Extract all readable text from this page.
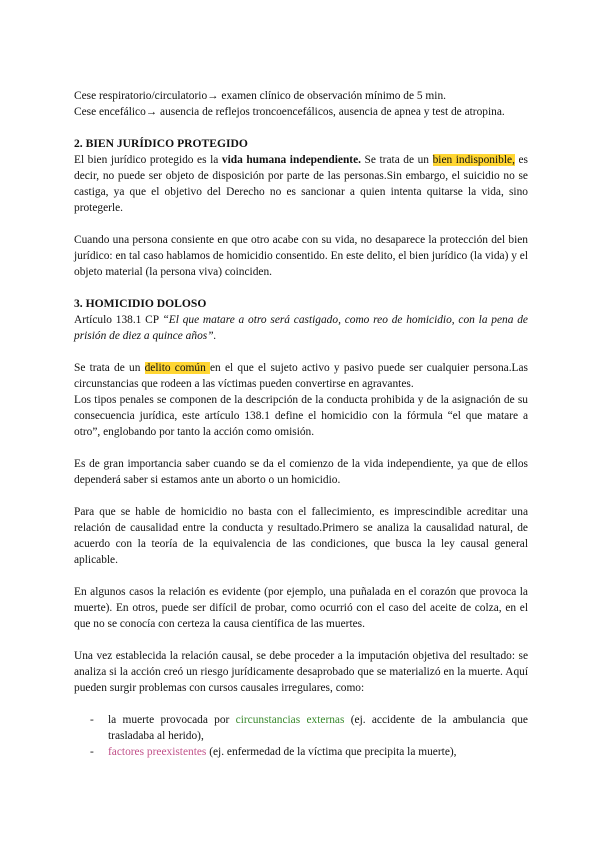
Cese respiratorio/circulatorio→ examen clínico de observación mínimo de 5 min.

Cese encefálico→ ausencia de reflejos troncoencefálicos, ausencia de apnea y test de atropina.

2. BIEN JURÍDICO PROTEGIDO

El bien jurídico protegido es la vida humana independiente. Se trata de un bien indisponible, es decir, no puede ser objeto de disposición por parte de las personas.Sin embargo, el suicidio no se castiga, ya que el objetivo del Derecho no es sancionar a quien intenta quitarse la vida, sino protegerle.

Cuando una persona consiente en que otro acabe con su vida, no desaparece la protección del bien jurídico: en tal caso hablamos de homicidio consentido. En este delito, el bien jurídico (la vida) y el objeto material (la persona viva) coinciden.

3. HOMICIDIO DOLOSO

Artículo 138.1 CP “El que matare a otro será castigado, como reo de homicidio, con la pena de prisión de diez a quince años”.

Se trata de un delito común en el que el sujeto activo y pasivo puede ser cualquier persona.Las circunstancias que rodeen a las víctimas pueden convertirse en agravantes.

Los tipos penales se componen de la descripción de la conducta prohibida y de la asignación de su consecuencia jurídica, este artículo 138.1 define el homicidio con la fórmula “el que matare a otro”, englobando por tanto la acción como omisión.

Es de gran importancia saber cuando se da el comienzo de la vida independiente, ya que de ellos dependerá saber si estamos ante un aborto o un homicidio.

Para que se hable de homicidio no basta con el fallecimiento, es imprescindible acreditar una relación de causalidad entre la conducta y resultado.Primero se analiza la causalidad natural, de acuerdo con la teoría de la equivalencia de las condiciones, que busca la ley causal general aplicable.

En algunos casos la relación es evidente (por ejemplo, una puñalada en el corazón que provoca la muerte). En otros, puede ser difícil de probar, como ocurrió con el caso del aceite de colza, en el que no se conocía con certeza la causa científica de las muertes.

Una vez establecida la relación causal, se debe proceder a la imputación objetiva del resultado: se analiza si la acción creó un riesgo jurídicamente desaprobado que se materializó en la muerte. Aquí pueden surgir problemas con cursos causales irregulares, como:

- la muerte provocada por circunstancias externas (ej. accidente de la ambulancia que trasladaba al herido),
- factores preexistentes (ej. enfermedad de la víctima que precipita la muerte),
